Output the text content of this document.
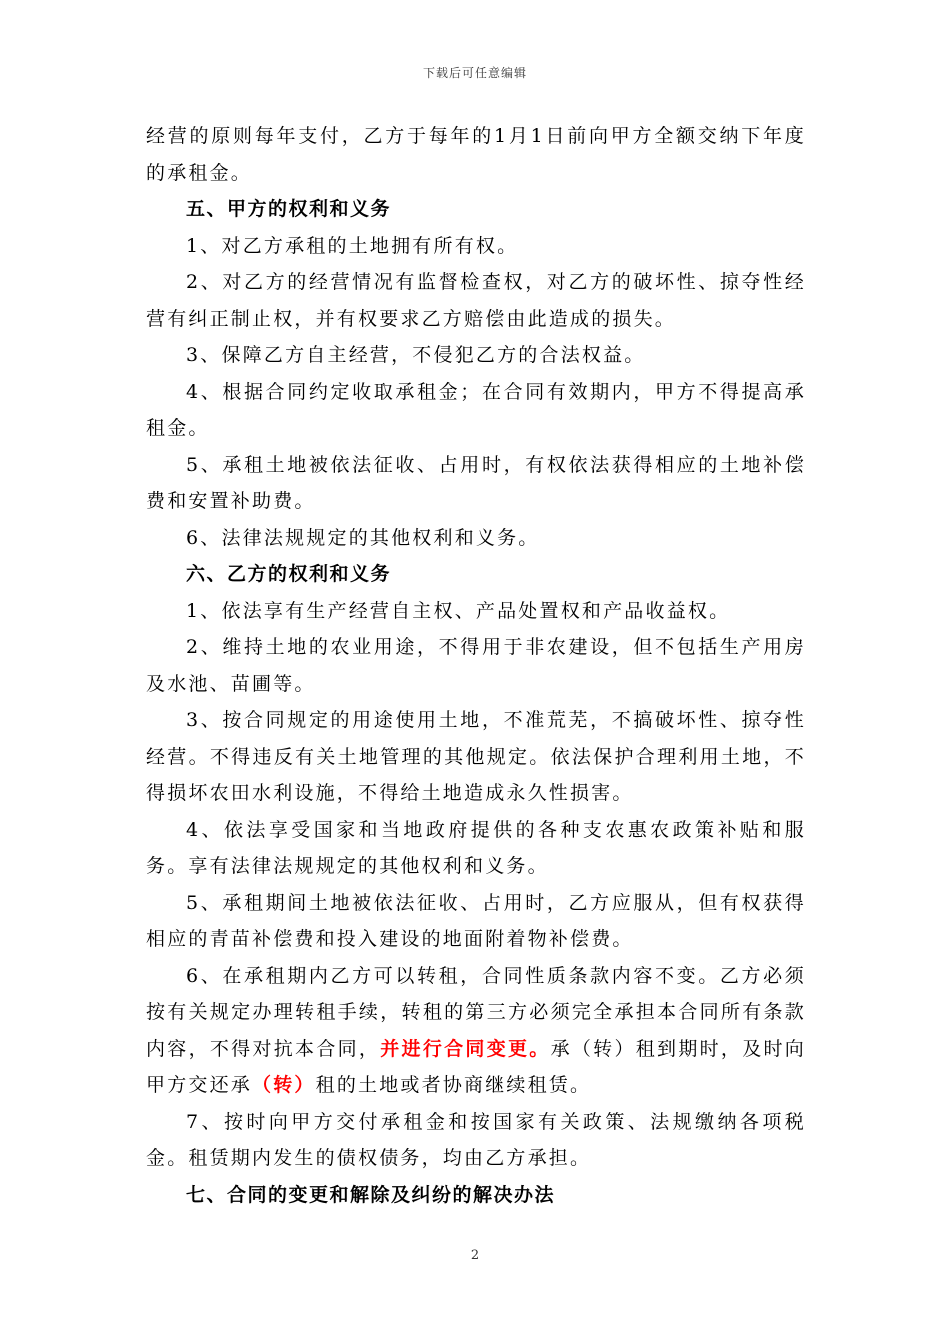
下载后可任意编辑

经营的原则每年支付，乙方于每年的1月1日前向甲方全额交纳下年度的承租金。

五、甲方的权利和义务

1、对乙方承租的土地拥有所有权。

2、对乙方的经营情况有监督检查权，对乙方的破坏性、掠夺性经营有纠正制止权，并有权要求乙方赔偿由此造成的损失。

3、保障乙方自主经营，不侵犯乙方的合法权益。

4、根据合同约定收取承租金；在合同有效期内，甲方不得提高承租金。

5、承租土地被依法征收、占用时，有权依法获得相应的土地补偿费和安置补助费。

6、法律法规规定的其他权利和义务。

六、乙方的权利和义务

1、依法享有生产经营自主权、产品处置权和产品收益权。

2、维持土地的农业用途，不得用于非农建设，但不包括生产用房及水池、苗圃等。

3、按合同规定的用途使用土地，不准荒芜，不搞破坏性、掠夺性经营。不得违反有关土地管理的其他规定。依法保护合理利用土地，不得损坏农田水利设施，不得给土地造成永久性损害。

4、依法享受国家和当地政府提供的各种支农惠农政策补贴和服务。享有法律法规规定的其他权利和义务。

5、承租期间土地被依法征收、占用时，乙方应服从，但有权获得相应的青苗补偿费和投入建设的地面附着物补偿费。

6、在承租期内乙方可以转租，合同性质条款内容不变。乙方必须按有关规定办理转租手续，转租的第三方必须完全承担本合同所有条款内容，不得对抗本合同，并进行合同变更。承（转）租到期时，及时向甲方交还承（转）租的土地或者协商继续租赁。

7、按时向甲方交付承租金和按国家有关政策、法规缴纳各项税金。租赁期内发生的债权债务，均由乙方承担。

七、合同的变更和解除及纠纷的解决办法

2
